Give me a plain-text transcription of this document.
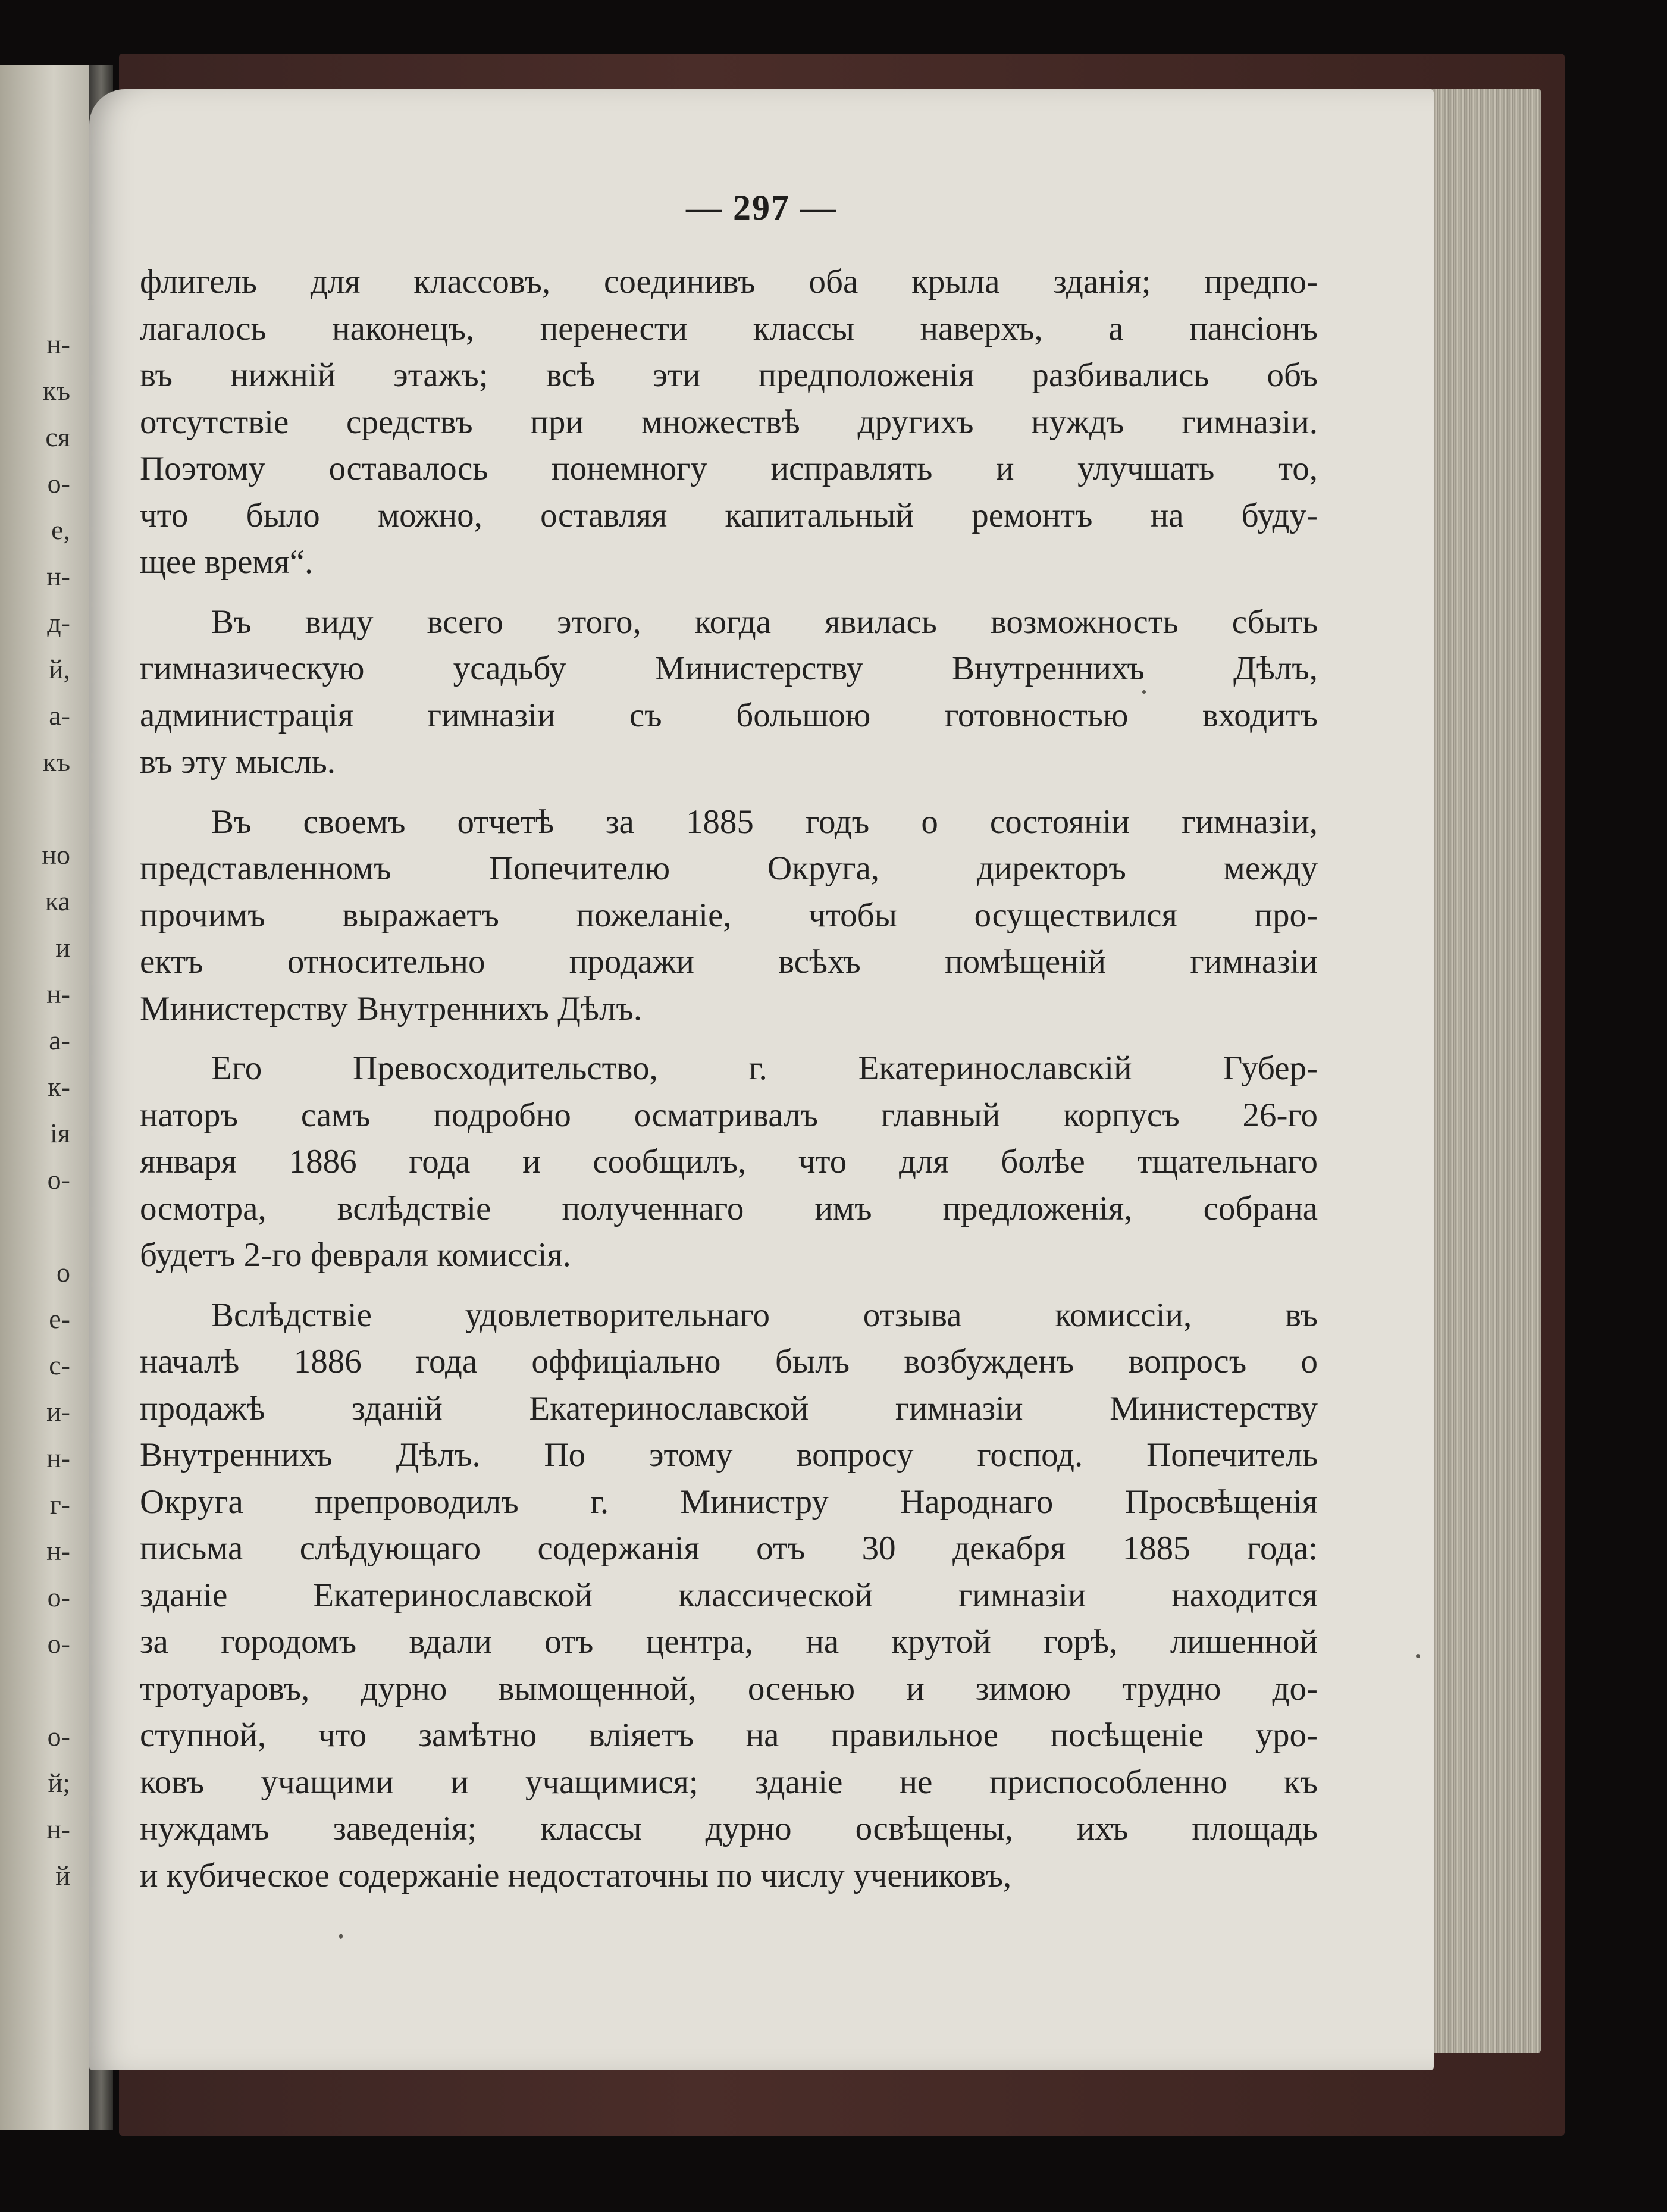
н-
къ
ся
о-
е,
н-
д-
й,
а-
къ
но
ка
и
н-
а-
к-
ія
о-
о
е-
с-
и-
н-
г-
н-
о-
о-
о-
й;
н-
й
— 297 —
флигель для классовъ, соединивъ оба крыла зданія; предпо-
лагалось наконецъ, перенести классы наверхъ, а пансіонъ
въ нижній этажъ; всѣ эти предположенія разбивались объ
отсутствіе средствъ при множествѣ другихъ нуждъ гимназіи.
Поэтому оставалось понемногу исправлять и улучшать то,
что было можно, оставляя капитальный ремонтъ на буду-
щее время“.
Въ виду всего этого, когда явилась возможность сбыть
гимназическую усадьбу Министерству Внутреннихъ Дѣлъ,
администрація гимназіи съ большою готовностью входитъ
въ эту мысль.
Въ своемъ отчетѣ за 1885 годъ о состояніи гимназіи,
представленномъ Попечителю Округа, директоръ между
прочимъ выражаетъ пожеланіе, чтобы осуществился про-
ектъ относительно продажи всѣхъ помѣщеній гимназіи
Министерству Внутреннихъ Дѣлъ.
Его Превосходительство, г. Екатеринославскій Губер-
наторъ самъ подробно осматривалъ главный корпусъ 26-го
января 1886 года и сообщилъ, что для болѣе тщательнаго
осмотра, вслѣдствіе полученнаго имъ предложенія, собрана
будетъ 2-го февраля комиссія.
Вслѣдствіе удовлетворительнаго отзыва комиссіи, въ
началѣ 1886 года оффиціально былъ возбужденъ вопросъ о
продажѣ зданій Екатеринославской гимназіи Министерству
Внутреннихъ Дѣлъ. По этому вопросу господ. Попечитель
Округа препроводилъ г. Министру Народнаго Просвѣщенія
письма слѣдующаго содержанія отъ 30 декабря 1885 года:
зданіе Екатеринославской классической гимназіи находится
за городомъ вдали отъ центра, на крутой горѣ, лишенной
тротуаровъ, дурно вымощенной, осенью и зимою трудно до-
ступной, что замѣтно вліяетъ на правильное посѣщеніе уро-
ковъ учащими и учащимися; зданіе не приспособленно къ
нуждамъ заведенія; классы дурно освѣщены, ихъ площадь
и кубическое содержаніе недостаточны по числу учениковъ,
